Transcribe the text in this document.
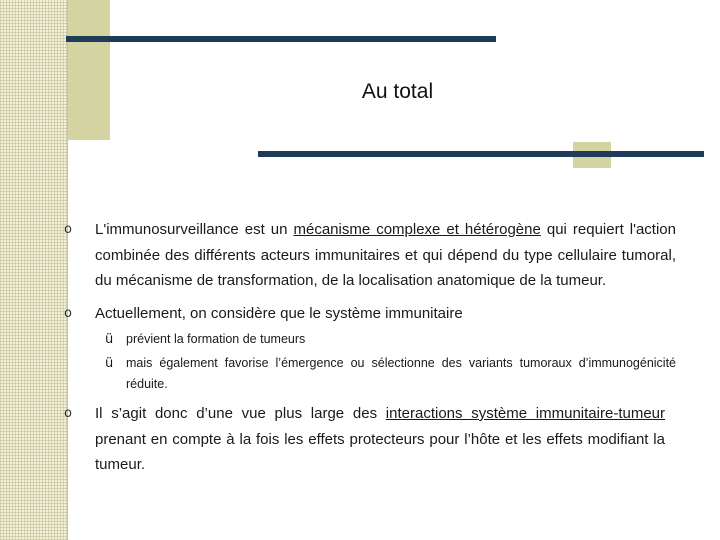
Au total
o L'immunosurveillance est un mécanisme complexe et hétérogène qui requiert l'action combinée des différents acteurs immunitaires et qui dépend du type cellulaire tumoral, du mécanisme de transformation, de la localisation anatomique de la tumeur.
o Actuellement, on considère que le système immunitaire
ü prévient la formation de tumeurs
ü mais également favorise l’émergence ou sélectionne des variants tumoraux d’immunogénicité réduite.
o Il s’agit donc d’une vue plus large des interactions système immunitaire-tumeur prenant en compte à la fois les effets protecteurs pour l’hôte et les effets modifiant la tumeur.
